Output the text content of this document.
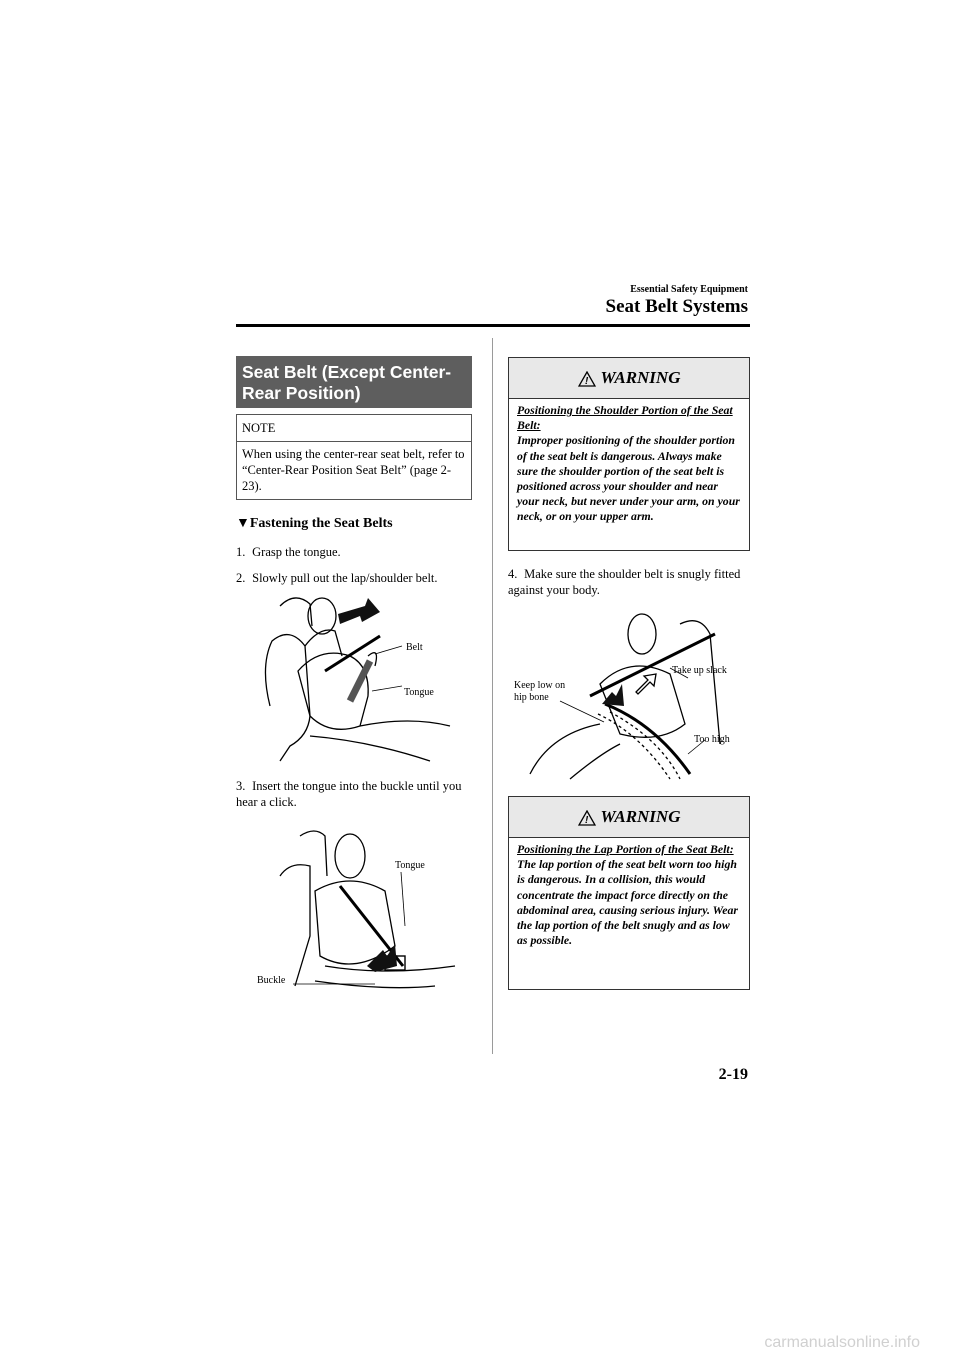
Essential Safety Equipment
Seat Belt Systems
Seat Belt (Except Center-
Rear Position)
NOTE
When using the center-rear seat belt, refer to “Center-Rear Position Seat Belt” (page 2-23).
▼Fastening the Seat Belts
1. Grasp the tongue.
2. Slowly pull out the lap/shoulder belt.
Belt
Tongue
3. Insert the tongue into the buckle until you hear a click.
Tongue
Buckle
! WARNING
Positioning the Shoulder Portion of the Seat Belt:
Improper positioning of the shoulder portion of the seat belt is dangerous. Always make sure the shoulder portion of the seat belt is positioned across your shoulder and near your neck, but never under your arm, on your neck, or on your upper arm.
4. Make sure the shoulder belt is snugly fitted against your body.
Keep low on
hip bone
Take up slack
Too high
! WARNING
Positioning the Lap Portion of the Seat Belt:
The lap portion of the seat belt worn too high is dangerous. In a collision, this would concentrate the impact force directly on the abdominal area, causing serious injury. Wear the lap portion of the belt snugly and as low as possible.
2-19
carmanualsonline.info
